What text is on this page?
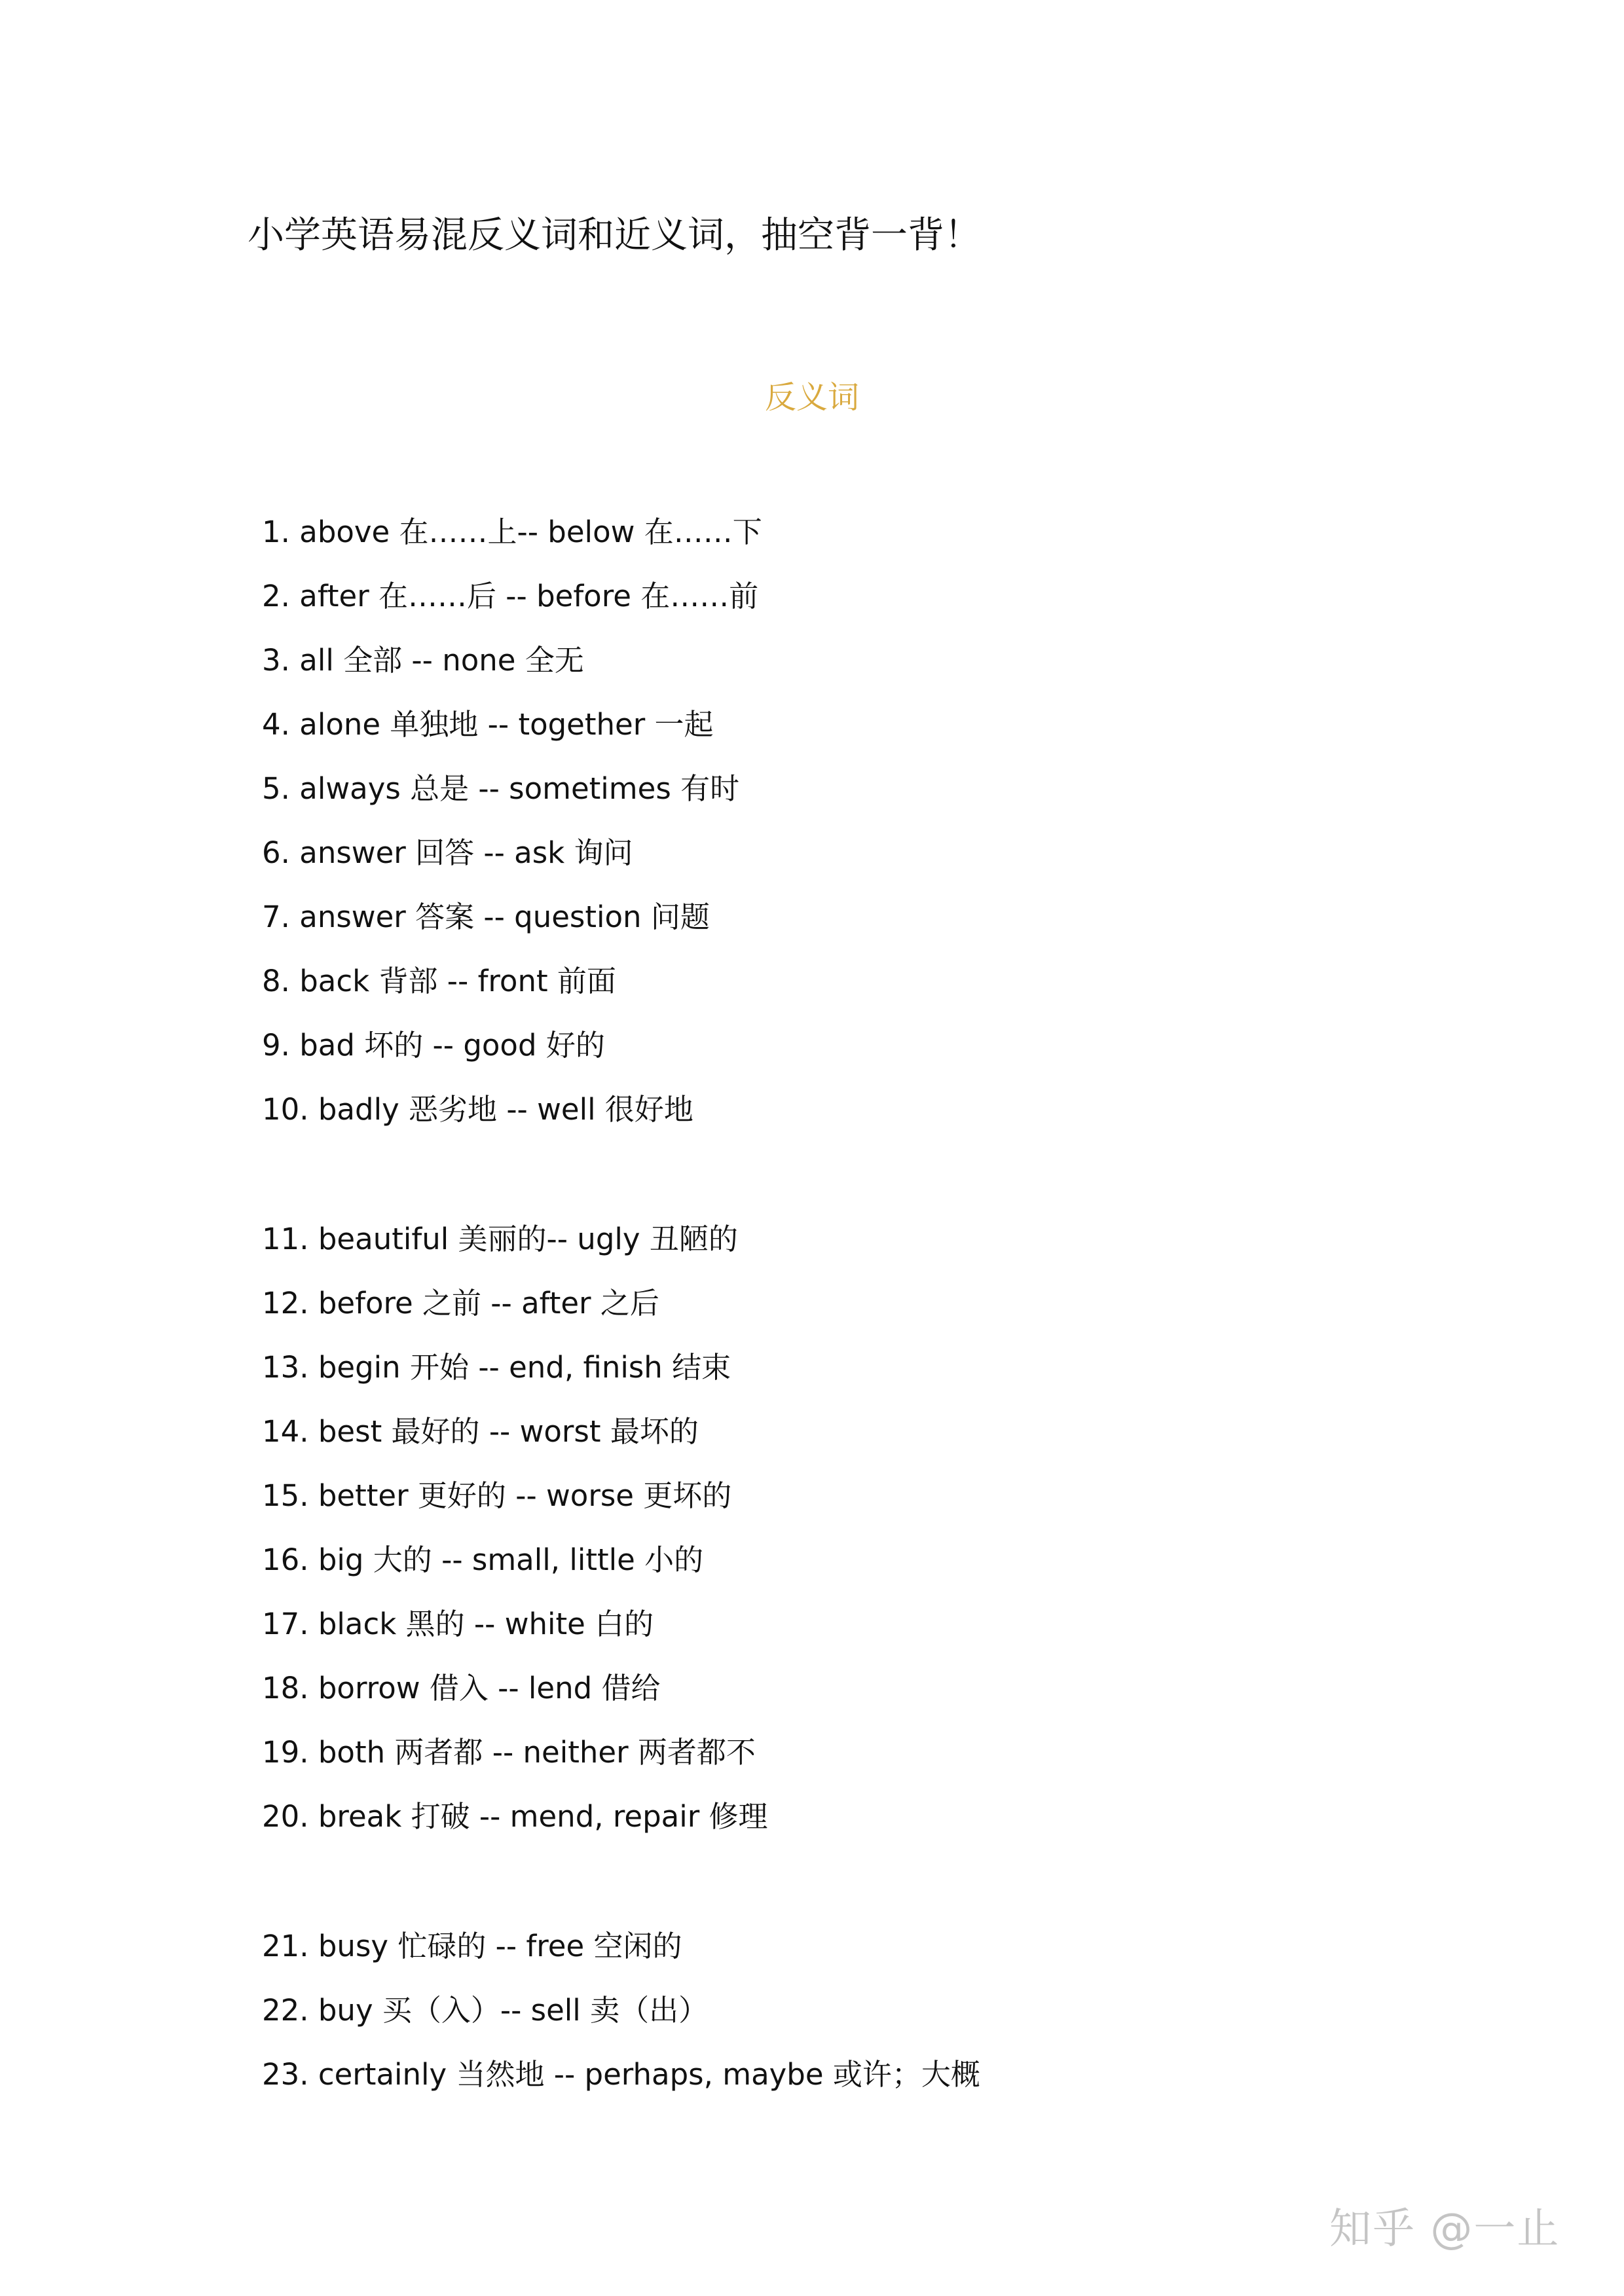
小学英语易混反义词和近义词，抽空背一背！
反义词
1. above 在……上-- below 在……下
2. after 在……后 -- before 在……前
3. all 全部 -- none 全无
4. alone 单独地 -- together 一起
5. always 总是 -- sometimes 有时
6. answer 回答 -- ask 询问
7. answer 答案 -- question 问题
8. back 背部 -- front 前面
9. bad 坏的 -- good 好的
10. badly 恶劣地 -- well 很好地
11. beautiful 美丽的-- ugly 丑陋的
12. before 之前 -- after 之后
13. begin 开始 -- end, finish 结束
14. best 最好的 -- worst 最坏的
15. better 更好的 -- worse 更坏的
16. big 大的 -- small, little 小的
17. black 黑的 -- white 白的
18. borrow 借入 -- lend 借给
19. both 两者都 -- neither 两者都不
20. break 打破 -- mend, repair 修理
21. busy 忙碌的 -- free 空闲的
22. buy 买（入）-- sell 卖（出）
23. certainly 当然地 -- perhaps, maybe 或许；大概
知乎 @一止
